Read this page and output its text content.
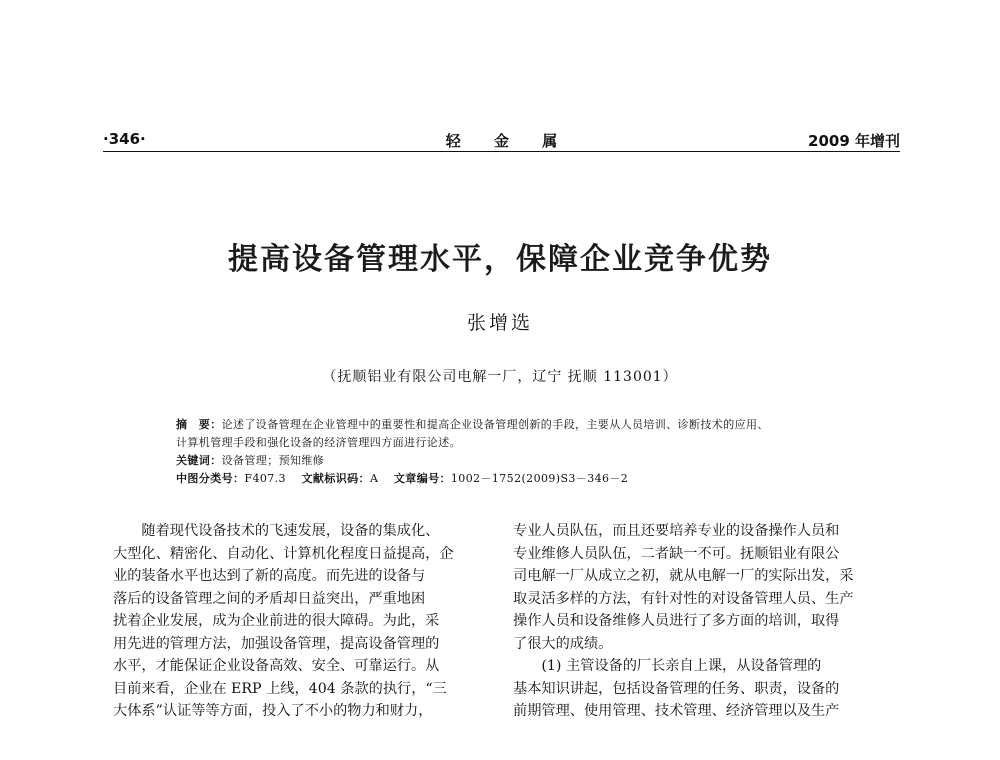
·346·	轻 金 属	2009 年增刊
提高设备管理水平，保障企业竞争优势
张增选
（抚顺铝业有限公司电解一厂，辽宁 抚顺 113001）
摘　要：论述了设备管理在企业管理中的重要性和提高企业设备管理创新的手段，主要从人员培训、诊断技术的应用、
计算机管理手段和强化设备的经济管理四方面进行论述。
关键词：设备管理；预知维修
中图分类号：F407.3 文献标识码：A 文章编号：1002－1752(2009)S3－346－2

　　随着现代设备技术的飞速发展，设备的集成化、

大型化、精密化、自动化、计算机化程度日益提高，企

业的装备水平也达到了新的高度。而先进的设备与

落后的设备管理之间的矛盾却日益突出，严重地困

扰着企业发展，成为企业前进的很大障碍。为此，采

用先进的管理方法，加强设备管理，提高设备管理的

水平，才能保证企业设备高效、安全、可靠运行。从

目前来看，企业在 ERP 上线，404 条款的执行，“三

大体系”认证等等方面，投入了不小的物力和财力，

专业人员队伍，而且还要培养专业的设备操作人员和

专业维修人员队伍，二者缺一不可。抚顺铝业有限公

司电解一厂从成立之初，就从电解一厂的实际出发，采

取灵活多样的方法，有针对性的对设备管理人员、生产

操作人员和设备维修人员进行了多方面的培训，取得

了很大的成绩。

　　(1) 主管设备的厂长亲自上课，从设备管理的

基本知识讲起，包括设备管理的任务、职责，设备的

前期管理、使用管理、技术管理、经济管理以及生产
